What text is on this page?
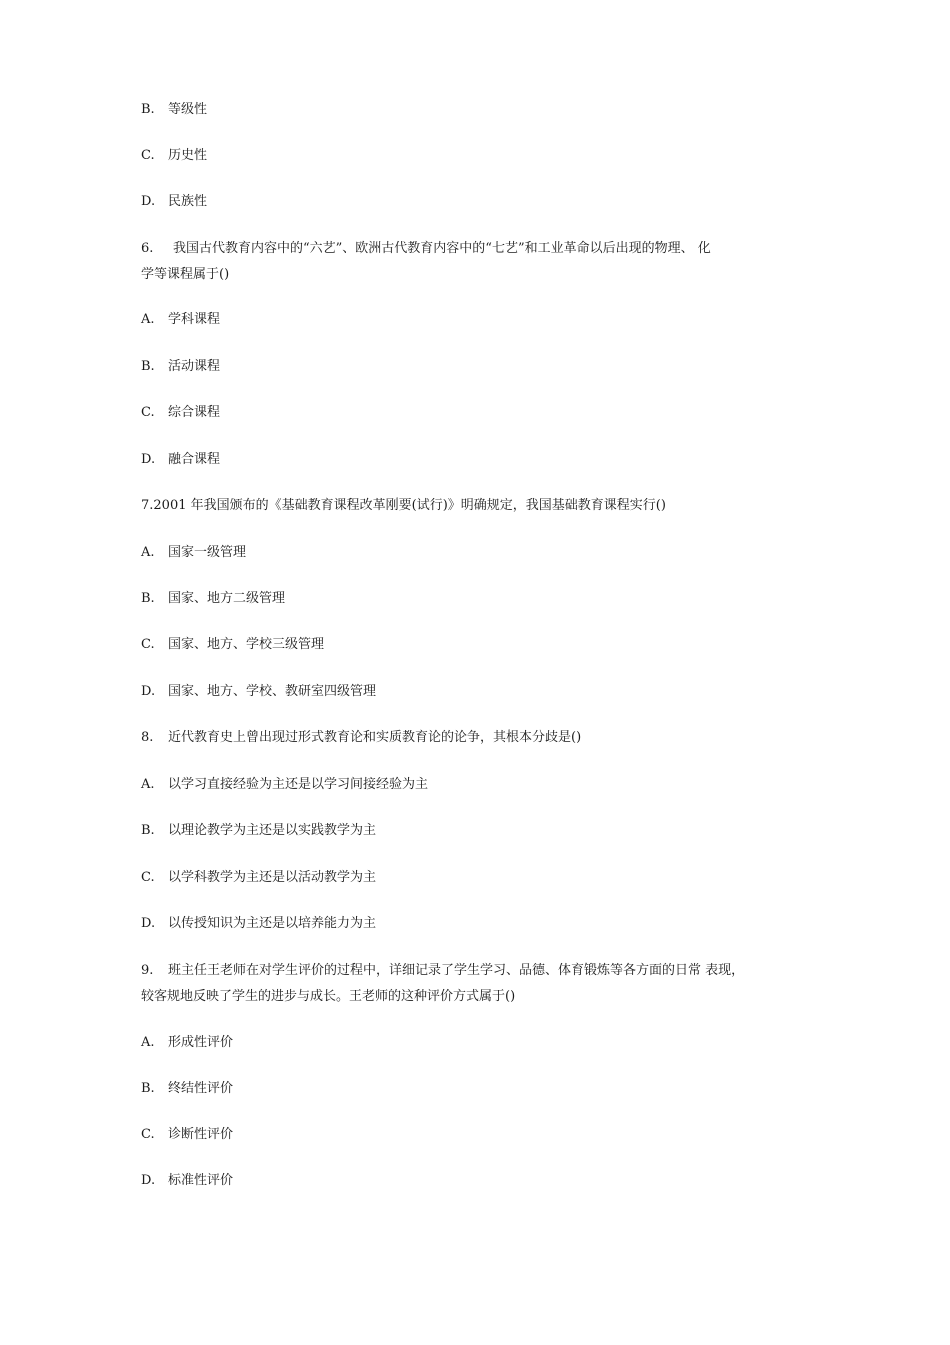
B. 等级性
C. 历史性
D. 民族性
6. 我国古代教育内容中的“六艺”、欧洲古代教育内容中的“七艺”和工业革命以后出现的物理、 化
学等课程属于()
A. 学科课程
B. 活动课程
C. 综合课程
D. 融合课程
7.2001 年我国颁布的《基础教育课程改革刚要(试行)》明确规定，我国基础教育课程实行()
A. 国家一级管理
B. 国家、地方二级管理
C. 国家、地方、学校三级管理
D. 国家、地方、学校、教研室四级管理
8. 近代教育史上曾出现过形式教育论和实质教育论的论争，其根本分歧是()
A. 以学习直接经验为主还是以学习间接经验为主
B. 以理论教学为主还是以实践教学为主
C. 以学科教学为主还是以活动教学为主
D. 以传授知识为主还是以培养能力为主
9. 班主任王老师在对学生评价的过程中，详细记录了学生学习、品德、体育锻炼等各方面的日常 表现，
较客规地反映了学生的进步与成长。王老师的这种评价方式属于()
A. 形成性评价
B. 终结性评价
C. 诊断性评价
D. 标准性评价
